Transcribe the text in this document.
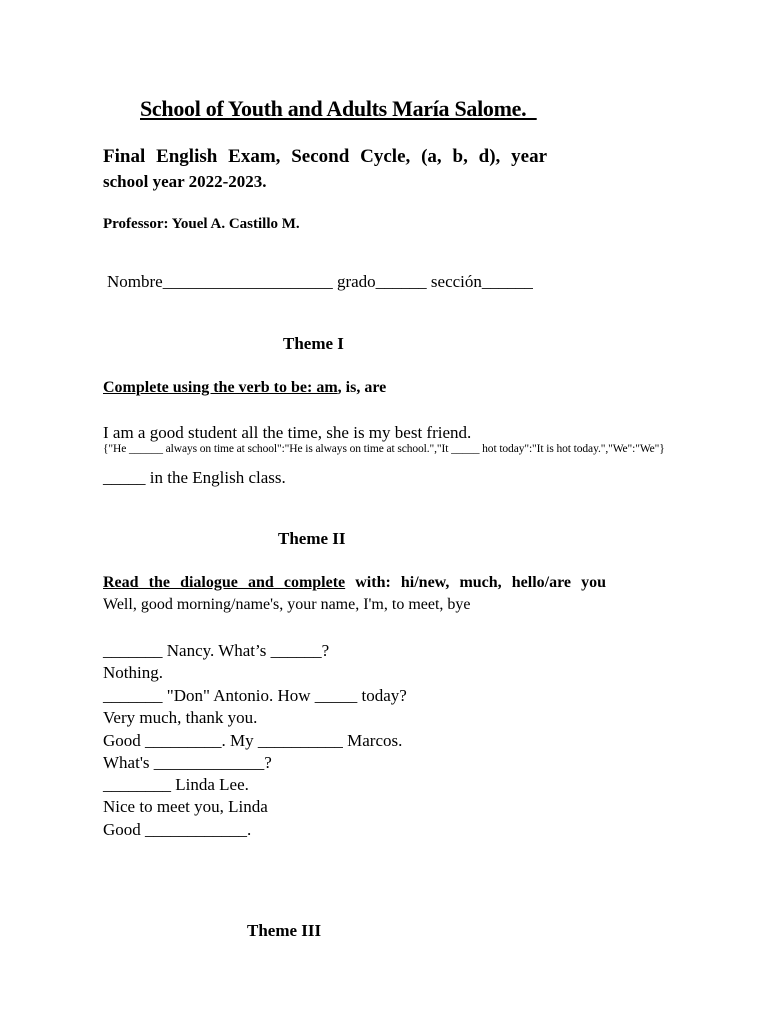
School of Youth and Adults María Salome.
Final English Exam, Second Cycle, (a, b, d), year
school year 2022-2023.
Professor: Youel A. Castillo M.
Nombre____________________ grado______ sección______
Theme I
Complete using the verb to be: am, is, are
I am a good student all the time, she is my best friend.
{"He ______ always on time at school":"He is always on time at school.","It _____ hot today":"It is hot today.","We":"We"}
_____ in the English class.
Theme II
Read the dialogue and complete with: hi/new, much, hello/are you
Well, good morning/name's, your name, I'm, to meet, bye
_______ Nancy. What’s ______?
Nothing.
_______ "Don" Antonio. How _____ today?
Very much, thank you.
Good _________. My __________ Marcos.
What's _____________?
________ Linda Lee.
Nice to meet you, Linda
Good ____________.
Theme III
